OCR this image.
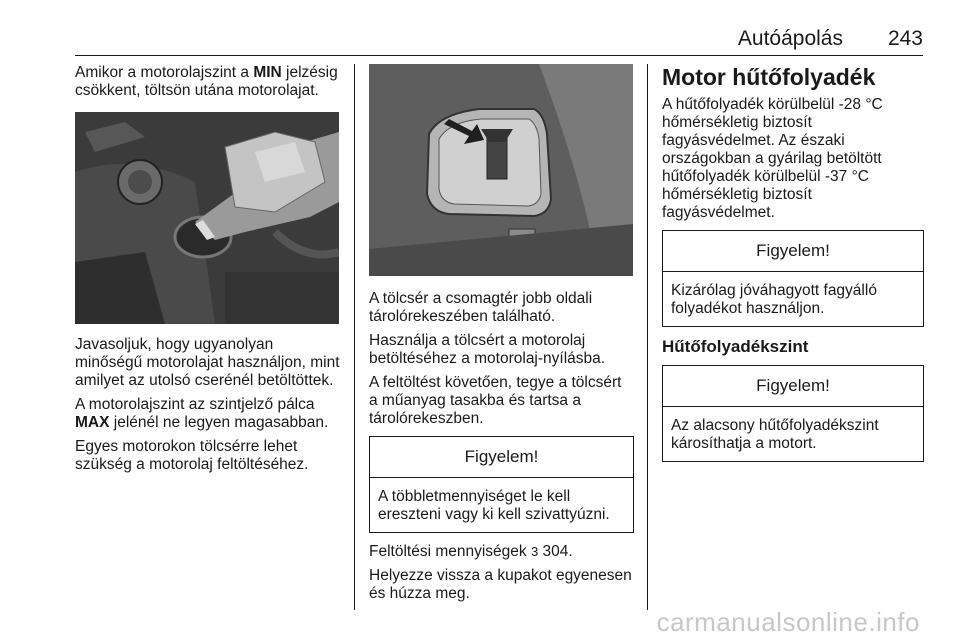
Autóápolás 243

Amikor a motorolajszint a MIN jelzésig csökkent, töltsön utána motorolajat.

Javasoljuk, hogy ugyanolyan minőségű motorolajat használjon, mint amilyet az utolsó cserénél betöltöttek.

A motorolajszint az szintjelző pálca MAX jelénél ne legyen magasabban.

Egyes motorokon tölcsérre lehet szükség a motorolaj feltöltéséhez.

A tölcsér a csomagtér jobb oldali tárolórekeszében található.

Használja a tölcsért a motorolaj betöltéséhez a motorolaj-nyílásba.

A feltöltést követően, tegye a tölcsért a műanyag tasakba és tartsa a tárolórekeszben.

Figyelem!
A többletmennyiséget le kell ereszteni vagy ki kell szivattyúzni.

Feltöltési mennyiségek 3 304.

Helyezze vissza a kupakot egyenesen és húzza meg.

Motor hűtőfolyadék

A hűtőfolyadék körülbelül -28 °C hőmérsékletig biztosít fagyásvédelmet. Az északi országokban a gyárilag betöltött hűtőfolyadék körülbelül -37 °C hőmérsékletig biztosít fagyásvédelmet.

Figyelem!
Kizárólag jóváhagyott fagyálló folyadékot használjon.
Hűtőfolyadékszint
Figyelem!
Az alacsony hűtőfolyadékszint károsíthatja a motort.
carmanualsonline.info
